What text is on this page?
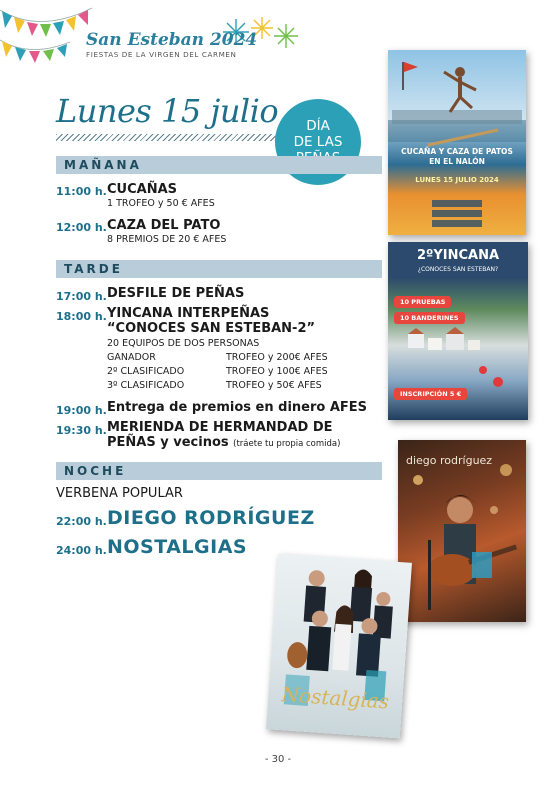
San Esteban 2024
FIESTAS DE LA VIRGEN DEL CARMEN
Lunes 15 julio DÍA
DE LAS
MAÑANA
11:00 h. CUCAÑAS
1 TROFEO y 50 € AFES
12:00 h. CAZA DEL PATO
8 PREMIOS DE 20 € AFES
TARDE
17:00 h. DESFILE DE PEÑAS
18:00 h. YINCANA INTERPEÑAS
“CONOCES SAN ESTEBAN-2”
20 EQUIPOS DE DOS PERSONAS
GANADOR	TROFEO y 200€ AFES
2º CLASIFICADO	TROFEO y 100€ AFES
3º CLASIFICADO	TROFEO y 50€ AFES
19:00 h. Entrega de premios en dinero AFES
19:30 h. MERIENDA DE HERMANDAD DE
PEÑAS y vecinos (tráete tu propia comida)
NOCHE
VERBENA POPULAR
22:00 h. DIEGO RODRÍGUEZ
24:00 h. NOSTALGIAS
CUCAÑA Y CAZA DE PATOS
EN EL NALÓN
LUNES 15 JULIO 2024
2ºYINCANA
¿CONOCES SAN ESTEBAN?
10 PRUEBAS
10 BANDERINES
INSCRIPCIÓN 5 €
diego rodríguez
Nostalgias
- 30 -
